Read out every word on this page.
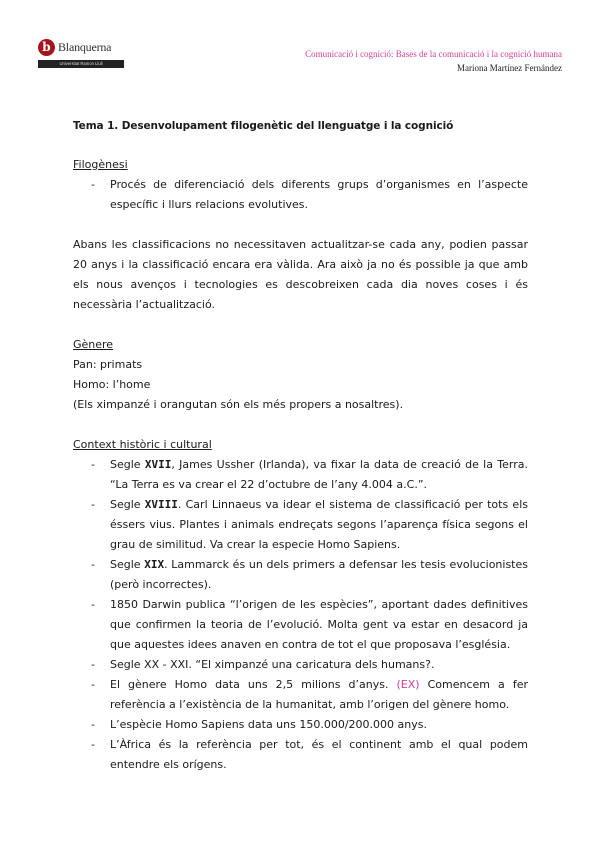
b Blanquerna
Universitat Ramon Llull
Comunicació i cognició: Bases de la comunicació i la cognició humana
Mariona Martínez Fernández
Tema 1. Desenvolupament filogenètic del llenguatge i la cognició
Filogènesi
- Procés de diferenciació dels diferents grups d’organismes en l’aspecte específic i llurs relacions evolutives.

Abans les classificacions no necessitaven actualitzar-se cada any, podien passar 20 anys i la classificació encara era vàlida. Ara això ja no és possible ja que amb els nous avenços i tecnologies es descobreixen cada dia noves coses i és necessària l’actualització.

Gènere
Pan: primats
Homo: l’home
(Els ximpanzé i orangutan són els més propers a nosaltres).
Context històric i cultural
- Segle XVII, James Ussher (Irlanda), va fixar la data de creació de la Terra. “La Terra es va crear el 22 d’octubre de l’any 4.004 a.C.”.
- Segle XVIII. Carl Linnaeus va idear el sistema de classificació per tots els éssers vius. Plantes i animals endreçats segons l’aparença física segons el grau de similitud. Va crear la especie Homo Sapiens.
- Segle XIX. Lammarck és un dels primers a defensar les tesis evolucionistes (però incorrectes).
- 1850 Darwin publica “l’origen de les espècies”, aportant dades definitives que confirmen la teoria de l’evolució. Molta gent va estar en desacord ja que aquestes idees anaven en contra de tot el que proposava l’església.
- Segle XX - XXI. “El ximpanzé una caricatura dels humans?.
- El gènere Homo data uns 2,5 milions d’anys. (EX) Comencem a fer referència a l’existència de la humanitat, amb l’origen del gènere homo.
- L’espècie Homo Sapiens data uns 150.000/200.000 anys.
- L’Àfrica és la referència per tot, és el continent amb el qual podem entendre els orígens.
